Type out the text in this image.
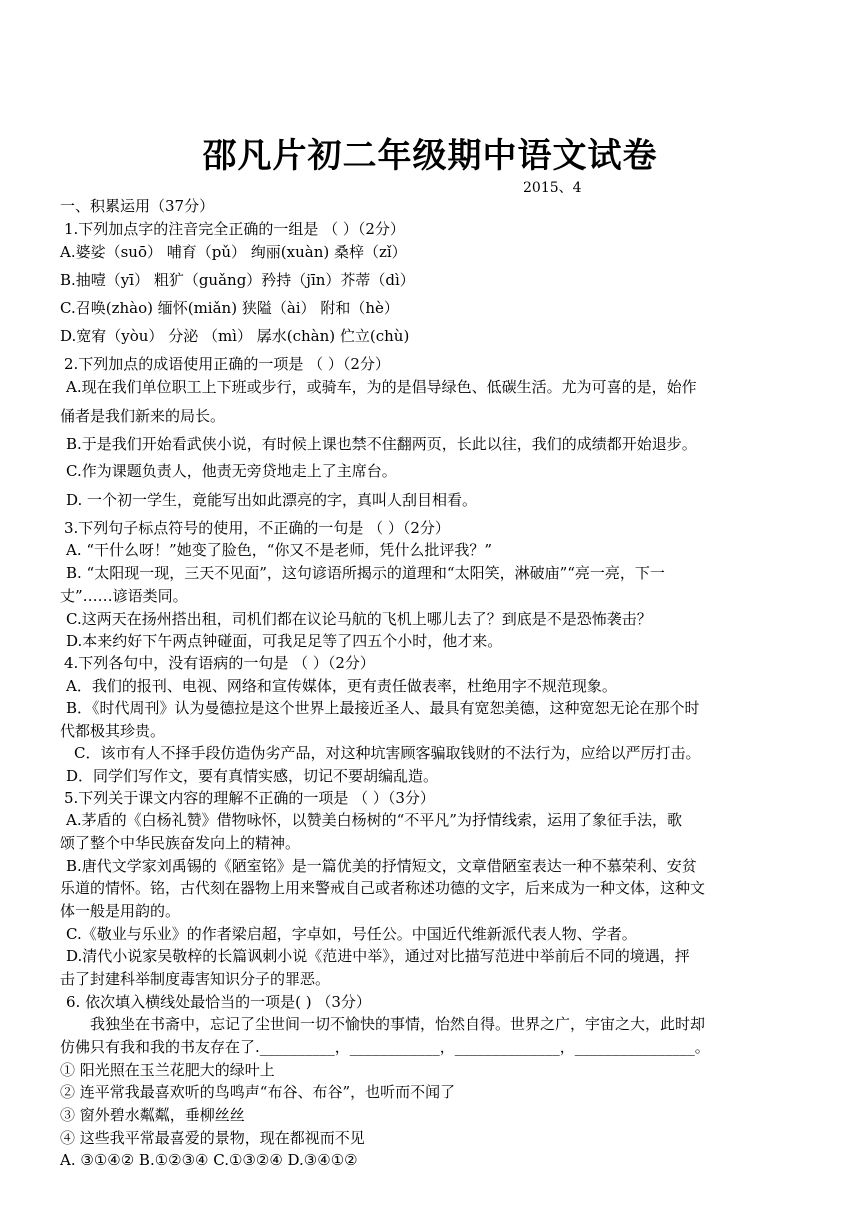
邵凡片初二年级期中语文试卷
2015、4
一、积累运用（37分）
1.下列加点字的注音完全正确的一组是 （ ）（2分）
A.婆娑（suō） 哺育（pǔ） 绚丽(xuàn) 桑梓（zǐ）
B.抽噎（yī） 粗犷（guǎng）矜持（jīn）芥蒂（dì）
C.召唤(zhào) 缅怀(miǎn) 狭隘（ài） 附和（hè）
D.宽宥（yòu） 分泌 （mì） 孱水(chàn) 伫立(chù)
2.下列加点的成语使用正确的一项是 （ ）（2分）
A.现在我们单位职工上下班或步行，或骑车，为的是倡导绿色、低碳生活。尤为可喜的是，始作
俑者是我们新来的局长。
B.于是我们开始看武侠小说，有时候上课也禁不住翻两页，长此以往，我们的成绩都开始退步。
C.作为课题负责人，他责无旁贷地走上了主席台。
D. 一个初一学生，竟能写出如此漂亮的字，真叫人刮目相看。
3.下列句子标点符号的使用，不正确的一句是 （ ）（2分）
A. “干什么呀！”她变了脸色，“你又不是老师，凭什么批评我？”
B. “太阳现一现，三天不见面”，这句谚语所揭示的道理和“太阳笑，淋破庙”“亮一亮，下一
丈”……谚语类同。
C.这两天在扬州搭出租，司机们都在议论马航的飞机上哪儿去了？到底是不是恐怖袭击？
D.本来约好下午两点钟碰面，可我足足等了四五个小时，他才来。
4.下列各句中，没有语病的一句是 （ ）（2分）
A．我们的报刊、电视、网络和宣传媒体，更有责任做表率，杜绝用字不规范现象。
B．《时代周刊》认为曼德拉是这个世界上最接近圣人、最具有宽恕美德，这种宽恕无论在那个时
代都极其珍贵。
C．该市有人不择手段仿造伪劣产品，对这种坑害顾客骗取钱财的不法行为，应给以严厉打击。
D．同学们写作文，要有真情实感，切记不要胡编乱造。
5.下列关于课文内容的理解不正确的一项是 （ ）（3分）
A.茅盾的《白杨礼赞》借物咏怀，以赞美白杨树的“不平凡”为抒情线索，运用了象征手法，歌
颂了整个中华民族奋发向上的精神。
B.唐代文学家刘禹锡的《陋室铭》是一篇优美的抒情短文，文章借陋室表达一种不慕荣利、安贫
乐道的情怀。铭，古代刻在器物上用来警戒自己或者称述功德的文字，后来成为一种文体，这种文
体一般是用韵的。
C.《敬业与乐业》的作者梁启超，字卓如，号任公。中国近代维新派代表人物、学者。
D.清代小说家吴敬梓的长篇讽刺小说《范进中举》，通过对比描写范进中举前后不同的境遇，抨
击了封建科举制度毒害知识分子的罪恶。
6. 依次填入横线处最恰当的一项是( ) （3分）
我独坐在书斋中，忘记了尘世间一切不愉快的事情，怡然自得。世界之广，宇宙之大，此时却
仿佛只有我和我的书友存在了.__________，____________，______________，________________。
① 阳光照在玉兰花肥大的绿叶上
② 连平常我最喜欢听的鸟鸣声“布谷、布谷”，也听而不闻了
③ 窗外碧水粼粼，垂柳丝丝
④ 这些我平常最喜爱的景物，现在都视而不见
A. ③①④② B.①②③④ C.①③②④ D.③④①②
